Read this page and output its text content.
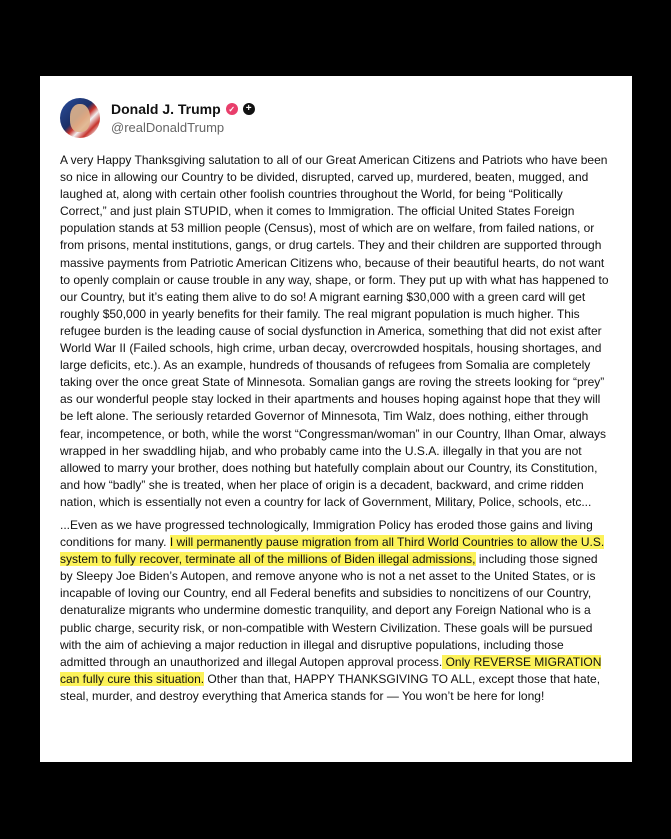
Donald J. Trump ✓	+
@realDonaldTrump

A very Happy Thanksgiving salutation to all of our Great American Citizens and Patriots who have been so nice in allowing our Country to be divided, disrupted, carved up, murdered, beaten, mugged, and laughed at, along with certain other foolish countries throughout the World, for being “Politically Correct,” and just plain STUPID, when it comes to Immigration. The official United States Foreign population stands at 53 million people (Census), most of which are on welfare, from failed nations, or from prisons, mental institutions, gangs, or drug cartels. They and their children are supported through massive payments from Patriotic American Citizens who, because of their beautiful hearts, do not want to openly complain or cause trouble in any way, shape, or form. They put up with what has happened to our Country, but it’s eating them alive to do so! A migrant earning $30,000 with a green card will get roughly $50,000 in yearly benefits for their family. The real migrant population is much higher. This refugee burden is the leading cause of social dysfunction in America, something that did not exist after World War II (Failed schools, high crime, urban decay, overcrowded hospitals, housing shortages, and large deficits, etc.). As an example, hundreds of thousands of refugees from Somalia are completely taking over the once great State of Minnesota. Somalian gangs are roving the streets looking for “prey” as our wonderful people stay locked in their apartments and houses hoping against hope that they will be left alone. The seriously retarded Governor of Minnesota, Tim Walz, does nothing, either through fear, incompetence, or both, while the worst “Congressman/woman” in our Country, Ilhan Omar, always wrapped in her swaddling hijab, and who probably came into the U.S.A. illegally in that you are not allowed to marry your brother, does nothing but hatefully complain about our Country, its Constitution, and how “badly” she is treated, when her place of origin is a decadent, backward, and crime ridden nation, which is essentially not even a country for lack of Government, Military, Police, schools, etc...

...Even as we have progressed technologically, Immigration Policy has eroded those gains and living conditions for many. I will permanently pause migration from all Third World Countries to allow the U.S. system to fully recover, terminate all of the millions of Biden illegal admissions, including those signed by Sleepy Joe Biden’s Autopen, and remove anyone who is not a net asset to the United States, or is incapable of loving our Country, end all Federal benefits and subsidies to noncitizens of our Country, denaturalize migrants who undermine domestic tranquility, and deport any Foreign National who is a public charge, security risk, or non-compatible with Western Civilization. These goals will be pursued with the aim of achieving a major reduction in illegal and disruptive populations, including those admitted through an unauthorized and illegal Autopen approval process. Only REVERSE MIGRATION can fully cure this situation. Other than that, HAPPY THANKSGIVING TO ALL, except those that hate, steal, murder, and destroy everything that America stands for — You won’t be here for long!
